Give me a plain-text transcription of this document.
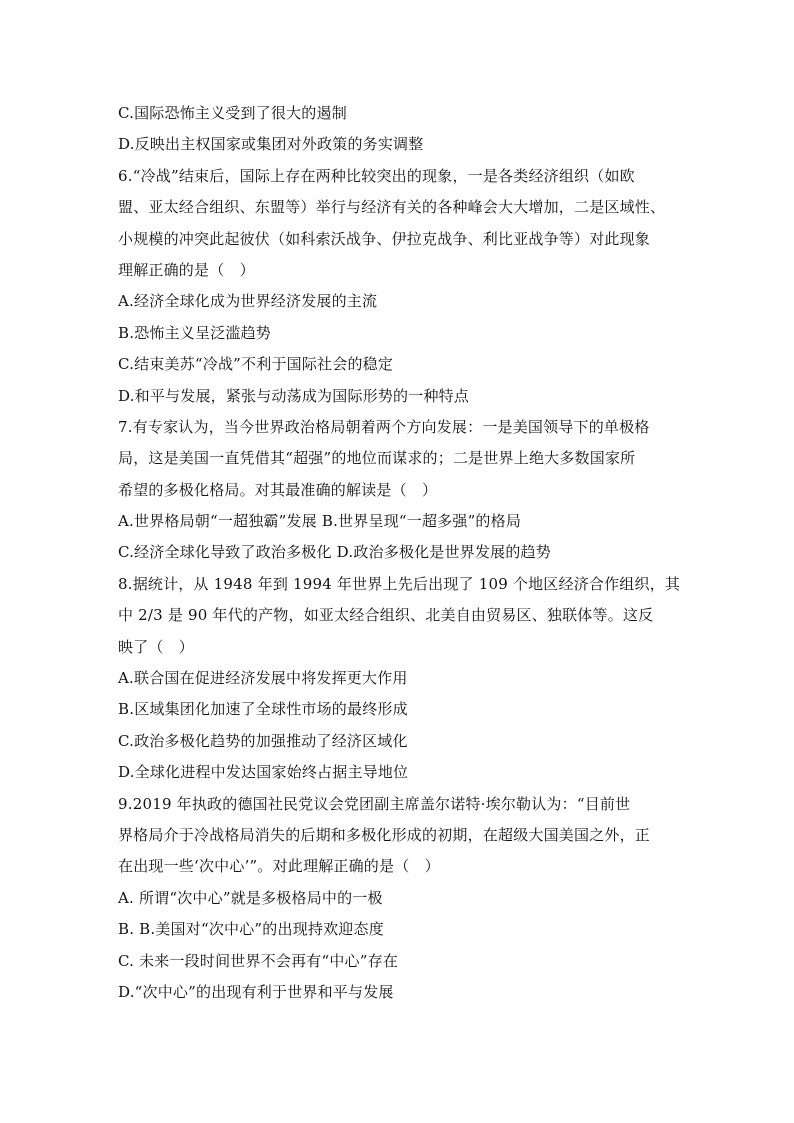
C.国际恐怖主义受到了很大的遏制
D.反映出主权国家或集团对外政策的务实调整
6.“冷战”结束后，国际上存在两种比较突出的现象，一是各类经济组织（如欧
盟、亚太经合组织、东盟等）举行与经济有关的各种峰会大大增加，二是区域性、
小规模的冲突此起彼伏（如科索沃战争、伊拉克战争、利比亚战争等）对此现象
理解正确的是（　）
A.经济全球化成为世界经济发展的主流
B.恐怖主义呈泛滥趋势
C.结束美苏“冷战”不利于国际社会的稳定
D.和平与发展，紧张与动荡成为国际形势的一种特点
7.有专家认为，当今世界政治格局朝着两个方向发展：一是美国领导下的单极格
局，这是美国一直凭借其“超强”的地位而谋求的；二是世界上绝大多数国家所
希望的多极化格局。对其最准确的解读是（　）
A.世界格局朝“一超独霸”发展 B.世界呈现“一超多强”的格局
C.经济全球化导致了政治多极化 D.政治多极化是世界发展的趋势
8.据统计，从 1948 年到 1994 年世界上先后出现了 109 个地区经济合作组织，其
中 2/3 是 90 年代的产物，如亚太经合组织、北美自由贸易区、独联体等。这反
映了（　）
A.联合国在促进经济发展中将发挥更大作用
B.区域集团化加速了全球性市场的最终形成
C.政治多极化趋势的加强推动了经济区域化
D.全球化进程中发达国家始终占据主导地位
9.2019 年执政的德国社民党议会党团副主席盖尔诺特·埃尔勒认为：“目前世
界格局介于冷战格局消失的后期和多极化形成的初期，在超级大国美国之外，正
在出现一些‘次中心’”。对此理解正确的是（　）
A. 所谓“次中心”就是多极格局中的一极
B. B.美国对“次中心”的出现持欢迎态度
C. 未来一段时间世界不会再有“中心”存在
D.“次中心”的出现有利于世界和平与发展
